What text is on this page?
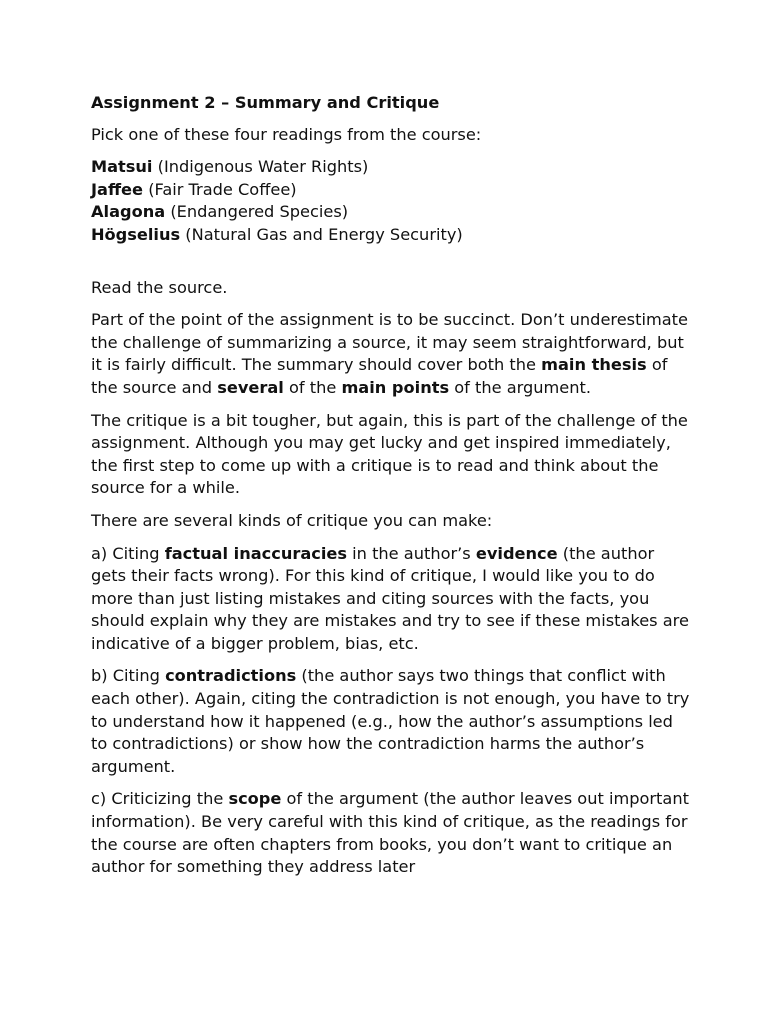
Assignment 2 – Summary and Critique
Pick one of these four readings from the course:
Matsui (Indigenous Water Rights)
Jaffee (Fair Trade Coffee)
Alagona (Endangered Species)
Högselius (Natural Gas and Energy Security)
Read the source.
Part of the point of the assignment is to be succinct. Don’t underestimate the challenge of summarizing a source, it may seem straightforward, but it is fairly difficult. The summary should cover both the main thesis of the source and several of the main points of the argument.
The critique is a bit tougher, but again, this is part of the challenge of the assignment. Although you may get lucky and get inspired immediately, the first step to come up with a critique is to read and think about the source for a while.
There are several kinds of critique you can make:
a) Citing factual inaccuracies in the author’s evidence (the author gets their facts wrong). For this kind of critique, I would like you to do more than just listing mistakes and citing sources with the facts, you should explain why they are mistakes and try to see if these mistakes are indicative of a bigger problem, bias, etc.
b) Citing contradictions (the author says two things that conflict with each other). Again, citing the contradiction is not enough, you have to try to understand how it happened (e.g., how the author’s assumptions led to contradictions) or show how the contradiction harms the author’s argument.
c) Criticizing the scope of the argument (the author leaves out important information). Be very careful with this kind of critique, as the readings for the course are often chapters from books, you don’t want to critique an author for something they address later
